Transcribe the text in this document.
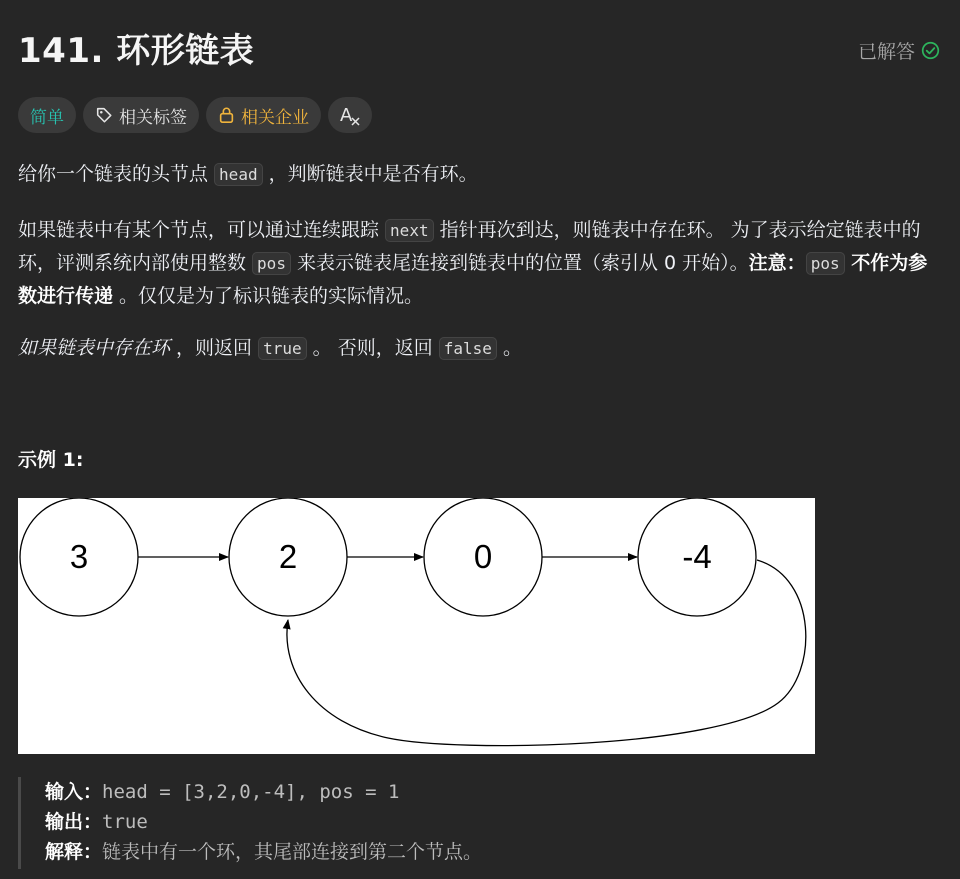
141. 环形链表	已解答
简单	相关标签	相关企业 A
给你一个链表的头节点 head ，判断链表中是否有环。
如果链表中有某个节点，可以通过连续跟踪 next 指针再次到达，则链表中存在环。 为了表示给定链表中的环，评测系统内部使用整数 pos 来表示链表尾连接到链表中的位置（索引从 0 开始）。注意： pos 不作为参数进行传递 。仅仅是为了标识链表的实际情况。
如果链表中存在环 ，则返回 true 。 否则，返回 false 。
示例 1:
3	2	0	-4
输入：head = [3,2,0,-4], pos = 1
输出：true
解释：链表中有一个环，其尾部连接到第二个节点。
